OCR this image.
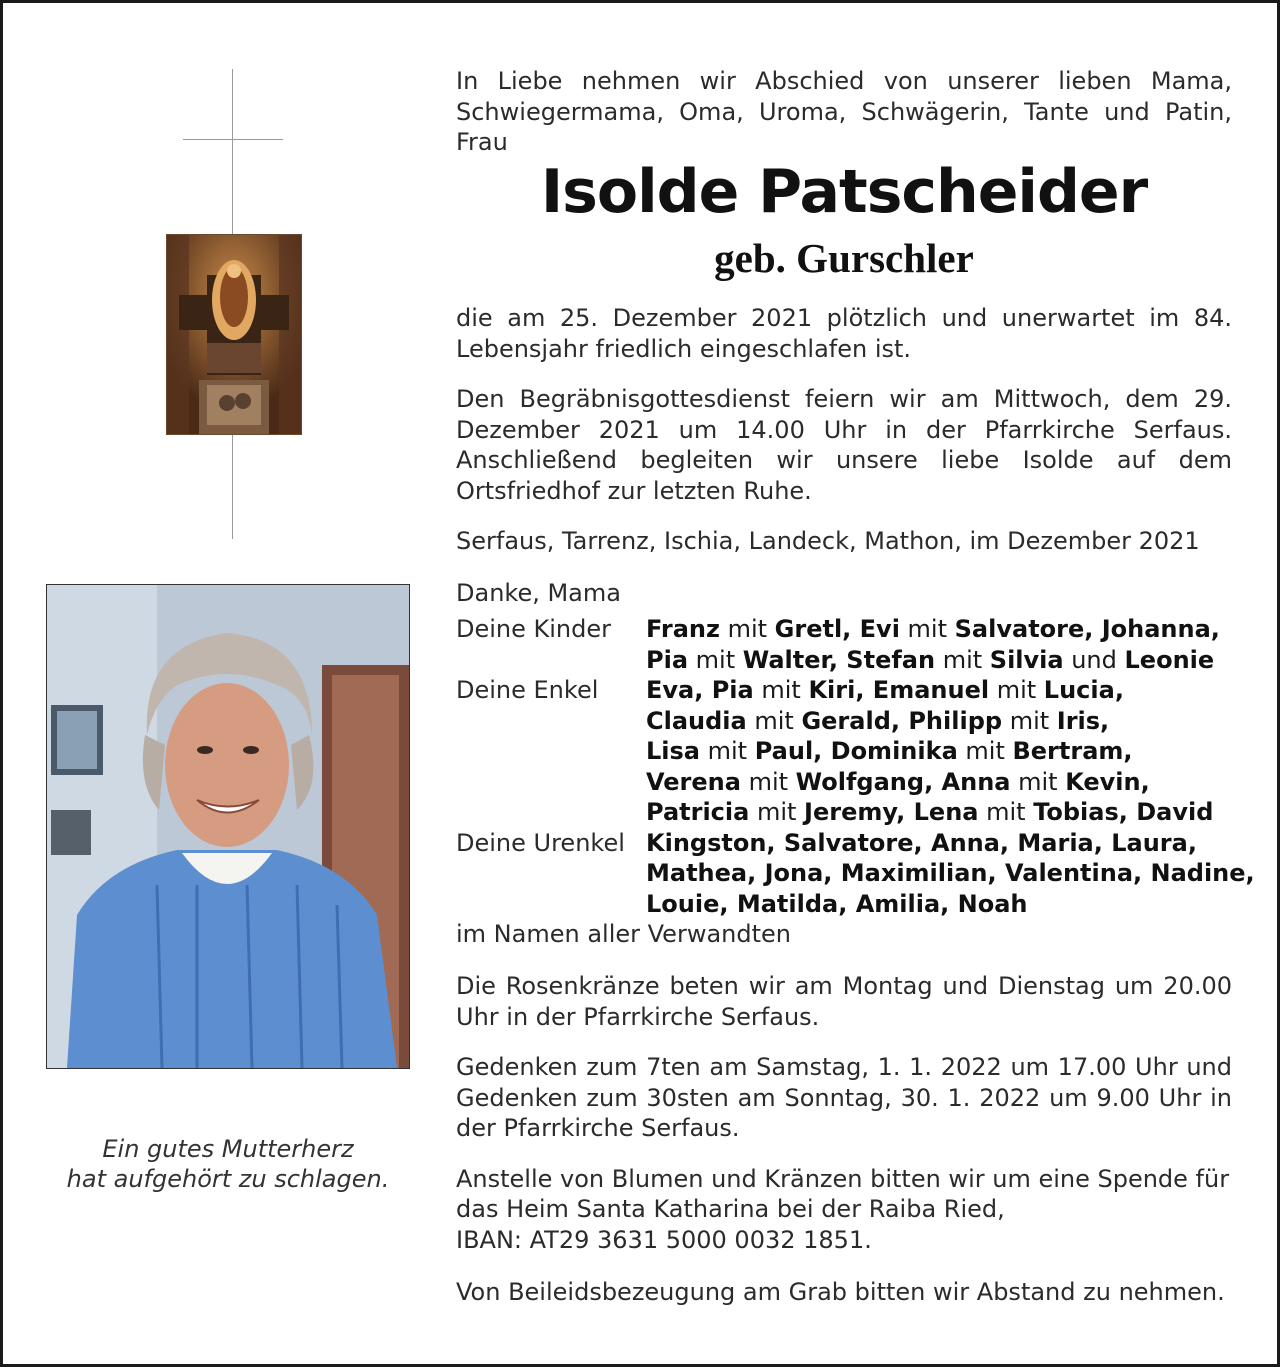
Ein gutes Mutterherz
hat aufgehört zu schlagen.
In Liebe nehmen wir Abschied von unserer lieben Mama, Schwiegermama, Oma, Uroma, Schwägerin, Tante und Patin, Frau
Isolde Patscheider
geb. Gurschler
die am 25. Dezember 2021 plötzlich und unerwartet im 84. Lebensjahr friedlich eingeschlafen ist.
Den Begräbnisgottesdienst feiern wir am Mittwoch, dem 29. Dezember 2021 um 14.00 Uhr in der Pfarrkirche Serfaus. Anschließend begleiten wir unsere liebe Isolde auf dem Ortsfriedhof zur letzten Ruhe.
Serfaus, Tarrenz, Ischia, Landeck, Mathon, im Dezember 2021
Danke, Mama
Deine Kinder
Deine Enkel
Deine Urenkel
Franz mit Gretl, Evi mit Salvatore, Johanna,
Pia mit Walter, Stefan mit Silvia und Leonie
Eva, Pia mit Kiri, Emanuel mit Lucia,
Claudia mit Gerald, Philipp mit Iris,
Lisa mit Paul, Dominika mit Bertram,
Verena mit Wolfgang, Anna mit Kevin,
Patricia mit Jeremy, Lena mit Tobias, David
Kingston, Salvatore, Anna, Maria, Laura,
Mathea, Jona, Maximilian, Valentina, Nadine,
Louie, Matilda, Amilia, Noah
im Namen aller Verwandten
Die Rosenkränze beten wir am Montag und Dienstag um 20.00 Uhr in der Pfarrkirche Serfaus.
Gedenken zum 7ten am Samstag, 1. 1. 2022 um 17.00 Uhr und Gedenken zum 30sten am Sonntag, 30. 1. 2022 um 9.00 Uhr in der Pfarrkirche Serfaus.
Anstelle von Blumen und Kränzen bitten wir um eine Spende für
das Heim Santa Katharina bei der Raiba Ried,
IBAN: AT29 3631 5000 0032 1851.
Von Beileidsbezeugung am Grab bitten wir Abstand zu nehmen.
